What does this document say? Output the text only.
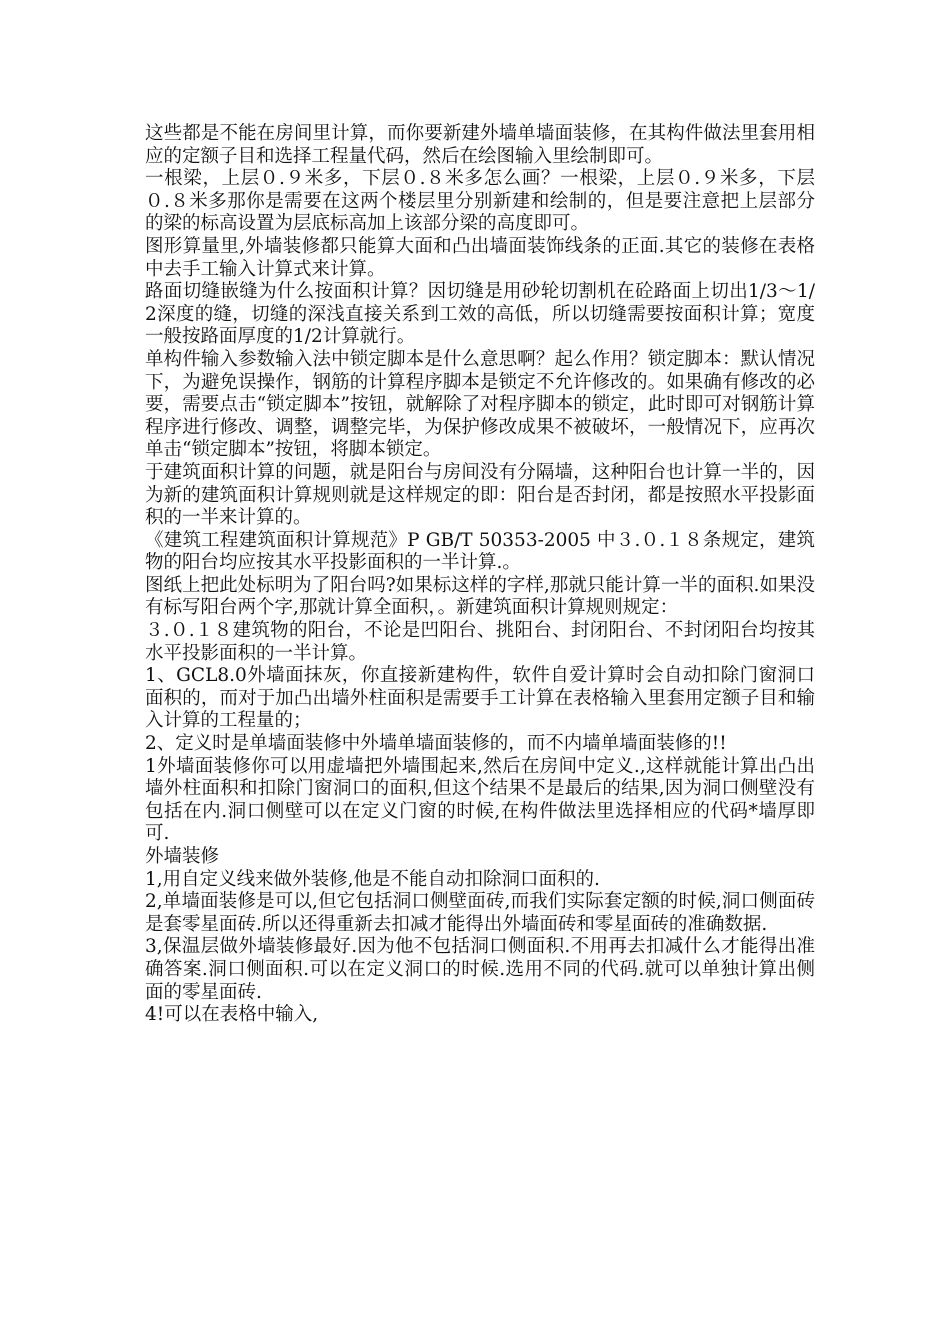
这些都是不能在房间里计算，而你要新建外墙单墙面装修，在其构件做法里套用相应的定额子目和选择工程量代码，然后在绘图输入里绘制即可。

一根梁，上层０.９米多，下层０.８米多怎么画？一根梁，上层０.９米多，下层０.８米多那你是需要在这两个楼层里分别新建和绘制的，但是要注意把上层部分的梁的标高设置为层底标高加上该部分梁的高度即可。

图形算量里,外墙装修都只能算大面和凸出墙面装饰线条的正面.其它的装修在表格中去手工输入计算式来计算。

路面切缝嵌缝为什么按面积计算？因切缝是用砂轮切割机在砼路面上切出1/3～1/2深度的缝，切缝的深浅直接关系到工效的高低，所以切缝需要按面积计算；宽度一般按路面厚度的1/2计算就行。

单构件输入参数输入法中锁定脚本是什么意思啊？起么作用？锁定脚本：默认情况下，为避免误操作，钢筋的计算程序脚本是锁定不允许修改的。如果确有修改的必要，需要点击“锁定脚本”按钮，就解除了对程序脚本的锁定，此时即可对钢筋计算程序进行修改、调整，调整完毕，为保护修改成果不被破坏，一般情况下，应再次单击“锁定脚本”按钮，将脚本锁定。

于建筑面积计算的问题，就是阳台与房间没有分隔墙，这种阳台也计算一半的，因为新的建筑面积计算规则就是这样规定的即：阳台是否封闭，都是按照水平投影面积的一半来计算的。

《建筑工程建筑面积计算规范》P GB/T 50353-2005 中３.０.１８条规定，建筑物的阳台均应按其水平投影面积的一半计算.。

图纸上把此处标明为了阳台吗?如果标这样的字样,那就只能计算一半的面积.如果没有标写阳台两个字,那就计算全面积，。新建筑面积计算规则规定：

３.０.１８建筑物的阳台，不论是凹阳台、挑阳台、封闭阳台、不封闭阳台均按其水平投影面积的一半计算。

1、GCL8.0外墙面抹灰，你直接新建构件，软件自爱计算时会自动扣除门窗洞口面积的，而对于加凸出墙外柱面积是需要手工计算在表格输入里套用定额子目和输入计算的工程量的；

2、定义时是单墙面装修中外墙单墙面装修的，而不内墙单墙面装修的!!

1外墙面装修你可以用虚墙把外墙围起来,然后在房间中定义.,这样就能计算出凸出墙外柱面积和扣除门窗洞口的面积,但这个结果不是最后的结果,因为洞口侧壁没有包括在内.洞口侧壁可以在定义门窗的时候,在构件做法里选择相应的代码*墙厚即可.

外墙装修

1,用自定义线来做外装修,他是不能自动扣除洞口面积的.

2,单墙面装修是可以,但它包括洞口侧壁面砖,而我们实际套定额的时候,洞口侧面砖是套零星面砖.所以还得重新去扣减才能得出外墙面砖和零星面砖的准确数据.

3,保温层做外墙装修最好.因为他不包括洞口侧面积.不用再去扣减什么才能得出准确答案.洞口侧面积.可以在定义洞口的时候.选用不同的代码.就可以单独计算出侧面的零星面砖.

4!可以在表格中输入,
